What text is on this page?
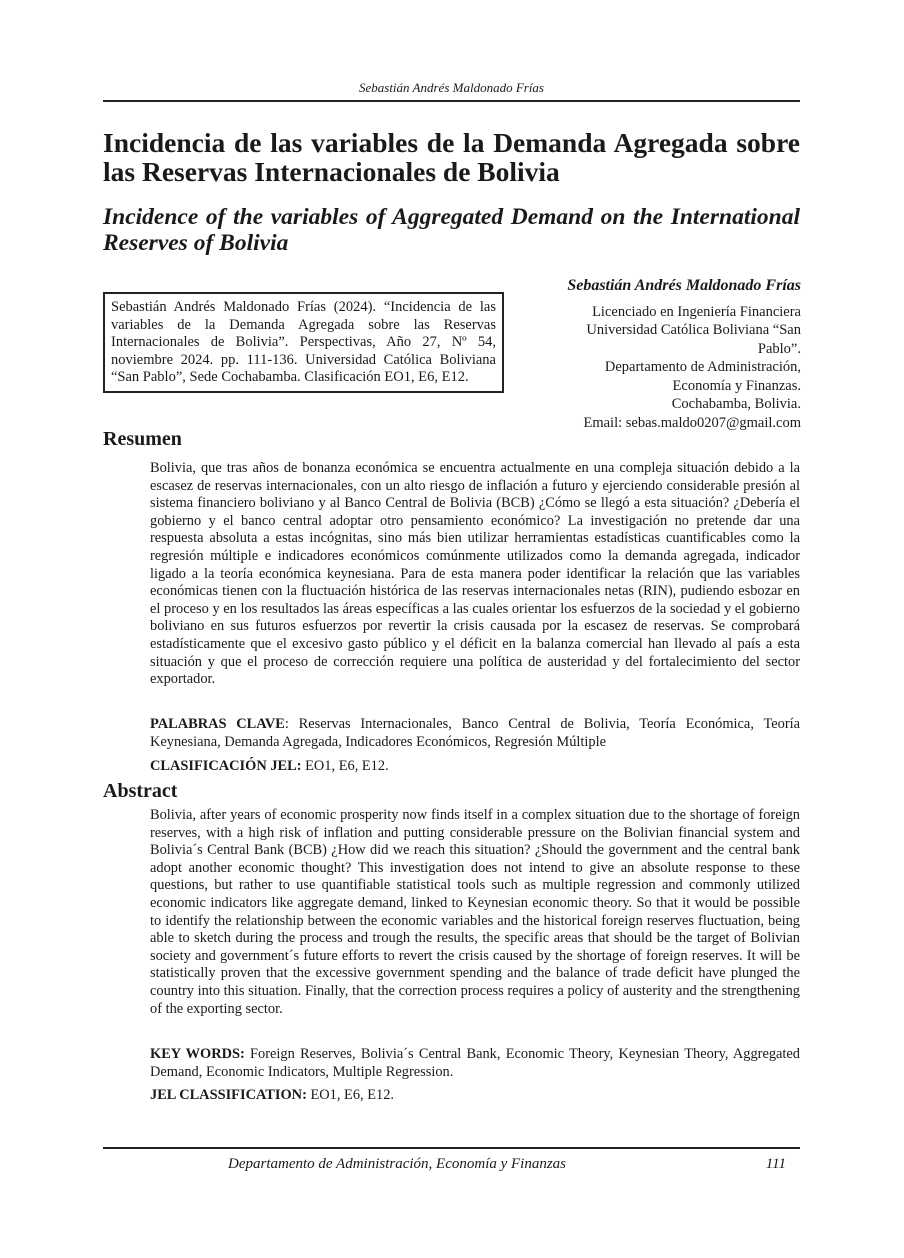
Sebastián Andrés Maldonado Frías
Incidencia de las variables de la Demanda Agregada sobre las Reservas Internacionales de Bolivia
Incidence of the variables of Aggregated Demand on the International Reserves of Bolivia
Sebastián Andrés Maldonado Frías (2024). “Incidencia de las variables de la Demanda Agregada sobre las Reservas Internacionales de Bolivia”. Perspectivas, Año 27, Nº 54, noviembre 2024. pp. 111-136. Universidad Católica Boliviana “San Pablo”, Sede Cochabamba. Clasificación EO1, E6, E12.
Sebastián Andrés Maldonado Frías
Licenciado en Ingeniería Financiera
Universidad Católica Boliviana “San
Pablo”.
Departamento de Administración,
Economía y Finanzas.
Cochabamba, Bolivia.
Email: sebas.maldo0207@gmail.com
Resumen
Bolivia, que tras años de bonanza económica se encuentra actualmente en una compleja situación debido a la escasez de reservas internacionales, con un alto riesgo de inflación a futuro y ejerciendo considerable presión al sistema financiero boliviano y al Banco Central de Bolivia (BCB) ¿Cómo se llegó a esta situación? ¿Debería el gobierno y el banco central adoptar otro pensamiento económico? La investigación no pretende dar una respuesta absoluta a estas incógnitas, sino más bien utilizar herramientas estadísticas cuantificables como la regresión múltiple e indicadores económicos comúnmente utilizados como la demanda agregada, indicador ligado a la teoría económica keynesiana. Para de esta manera poder identificar la relación que las variables económicas tienen con la fluctuación histórica de las reservas internacionales netas (RIN), pudiendo esbozar en el proceso y en los resultados las áreas específicas a las cuales orientar los esfuerzos de la sociedad y el gobierno boliviano en sus futuros esfuerzos por revertir la crisis causada por la escasez de reservas. Se comprobará estadísticamente que el excesivo gasto público y el déficit en la balanza comercial han llevado al país a esta situación y que el proceso de corrección requiere una política de austeridad y del fortalecimiento del sector exportador.
PALABRAS CLAVE: Reservas Internacionales, Banco Central de Bolivia, Teoría Económica, Teoría Keynesiana, Demanda Agregada, Indicadores Económicos, Regresión Múltiple
CLASIFICACIÓN JEL: EO1, E6, E12.
Abstract
Bolivia, after years of economic prosperity now finds itself in a complex situation due to the shortage of foreign reserves, with a high risk of inflation and putting considerable pressure on the Bolivian financial system and Bolivia´s Central Bank (BCB) ¿How did we reach this situation? ¿Should the government and the central bank adopt another economic thought? This investigation does not intend to give an absolute response to these questions, but rather to use quantifiable statistical tools such as multiple regression and commonly utilized economic indicators like aggregate demand, linked to Keynesian economic theory. So that it would be possible to identify the relationship between the economic variables and the historical foreign reserves fluctuation, being able to sketch during the process and trough the results, the specific areas that should be the target of Bolivian society and government´s future efforts to revert the crisis caused by the shortage of foreign reserves. It will be statistically proven that the excessive government spending and the balance of trade deficit have plunged the country into this situation. Finally, that the correction process requires a policy of austerity and the strengthening of the exporting sector.
KEY WORDS: Foreign Reserves, Bolivia´s Central Bank, Economic Theory, Keynesian Theory, Aggregated Demand, Economic Indicators, Multiple Regression.
JEL CLASSIFICATION: EO1, E6, E12.
Departamento de Administración, Economía y Finanzas	111
